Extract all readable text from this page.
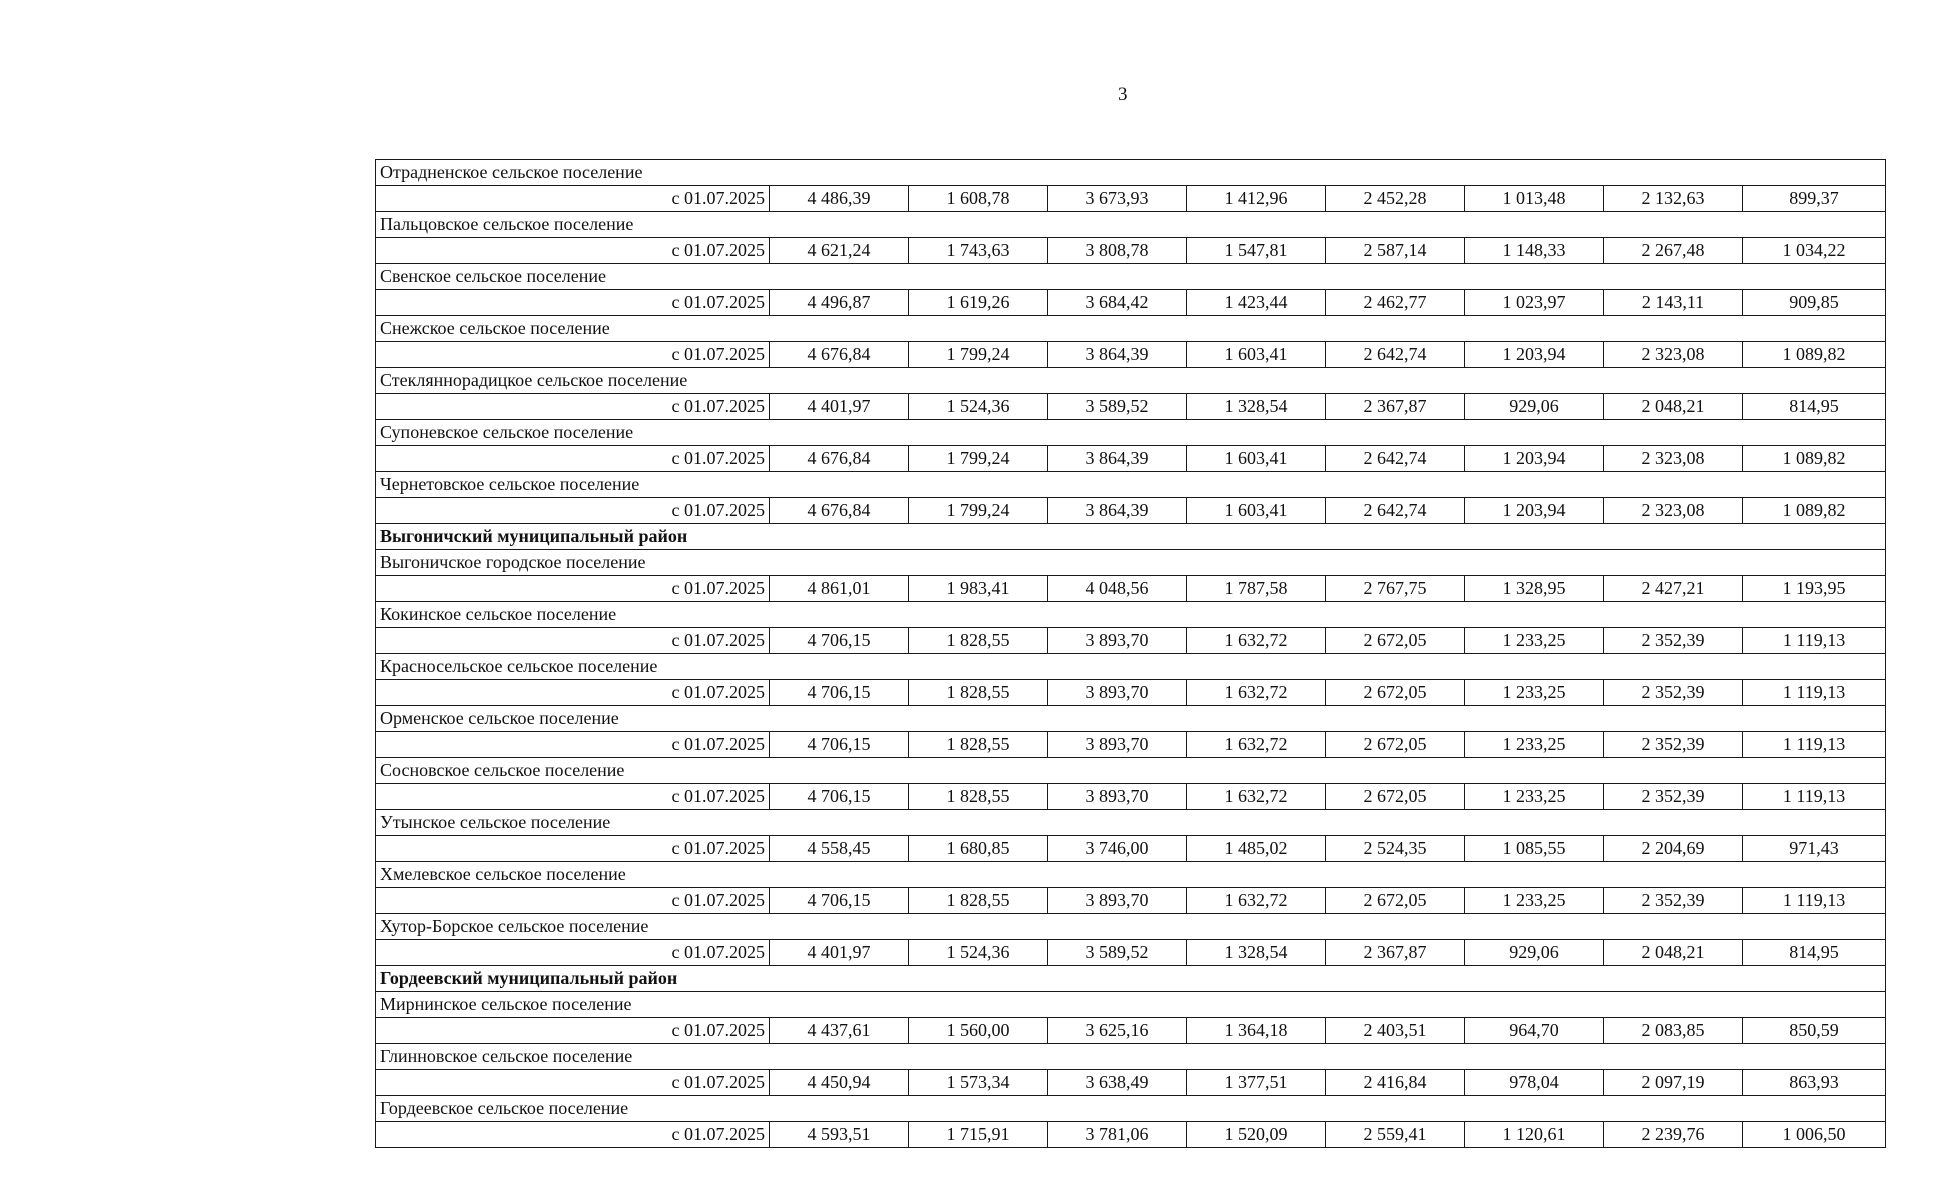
3
Отрадненское сельское поселение								
с 01.07.2025	4 486,39	1 608,78	3 673,93	1 412,96	2 452,28	1 013,48	2 132,63	899,37
Пальцовское сельское поселение								
с 01.07.2025	4 621,24	1 743,63	3 808,78	1 547,81	2 587,14	1 148,33	2 267,48	1 034,22
Свенское сельское поселение								
с 01.07.2025	4 496,87	1 619,26	3 684,42	1 423,44	2 462,77	1 023,97	2 143,11	909,85
Снежское сельское поселение								
с 01.07.2025	4 676,84	1 799,24	3 864,39	1 603,41	2 642,74	1 203,94	2 323,08	1 089,82
Стекляннорадицкое сельское поселение								
с 01.07.2025	4 401,97	1 524,36	3 589,52	1 328,54	2 367,87	929,06	2 048,21	814,95
Супоневское сельское поселение								
с 01.07.2025	4 676,84	1 799,24	3 864,39	1 603,41	2 642,74	1 203,94	2 323,08	1 089,82
Чернетовское сельское поселение								
с 01.07.2025	4 676,84	1 799,24	3 864,39	1 603,41	2 642,74	1 203,94	2 323,08	1 089,82
Выгоничский муниципальный район								
Выгоничское городское поселение								
с 01.07.2025	4 861,01	1 983,41	4 048,56	1 787,58	2 767,75	1 328,95	2 427,21	1 193,95
Кокинское сельское поселение								
с 01.07.2025	4 706,15	1 828,55	3 893,70	1 632,72	2 672,05	1 233,25	2 352,39	1 119,13
Красносельское сельское поселение								
с 01.07.2025	4 706,15	1 828,55	3 893,70	1 632,72	2 672,05	1 233,25	2 352,39	1 119,13
Орменское сельское поселение								
с 01.07.2025	4 706,15	1 828,55	3 893,70	1 632,72	2 672,05	1 233,25	2 352,39	1 119,13
Сосновское сельское поселение								
с 01.07.2025	4 706,15	1 828,55	3 893,70	1 632,72	2 672,05	1 233,25	2 352,39	1 119,13
Утынское сельское поселение								
с 01.07.2025	4 558,45	1 680,85	3 746,00	1 485,02	2 524,35	1 085,55	2 204,69	971,43
Хмелевское сельское поселение								
с 01.07.2025	4 706,15	1 828,55	3 893,70	1 632,72	2 672,05	1 233,25	2 352,39	1 119,13
Хутор-Борское сельское поселение								
с 01.07.2025	4 401,97	1 524,36	3 589,52	1 328,54	2 367,87	929,06	2 048,21	814,95
Гордеевский муниципальный район								
Мирнинское сельское поселение								
с 01.07.2025	4 437,61	1 560,00	3 625,16	1 364,18	2 403,51	964,70	2 083,85	850,59
Глинновское сельское поселение								
с 01.07.2025	4 450,94	1 573,34	3 638,49	1 377,51	2 416,84	978,04	2 097,19	863,93
Гордеевское сельское поселение								
с 01.07.2025	4 593,51	1 715,91	3 781,06	1 520,09	2 559,41	1 120,61	2 239,76	1 006,50
